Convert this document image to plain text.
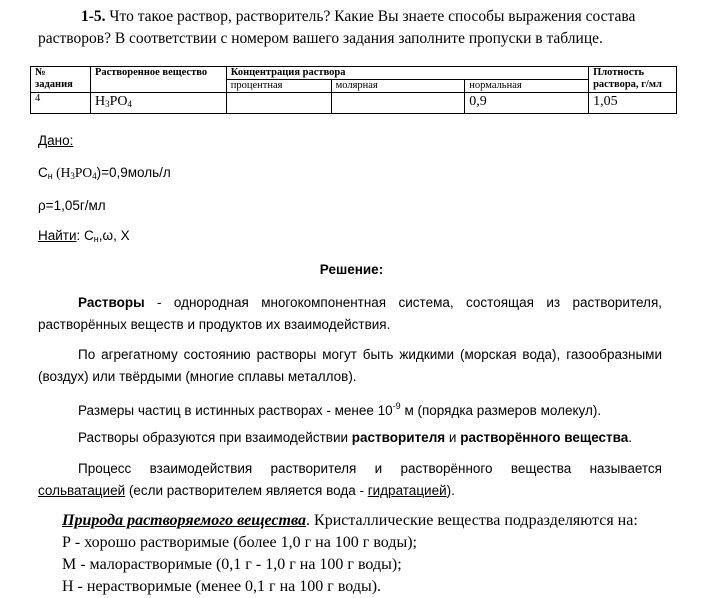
1-5. Что такое раствор, растворитель? Какие Вы знаете способы выражения состава растворов? В соответствии с номером вашего задания заполните пропуски в таблице.
№ задания	Растворенное вещество	Концентрация раствора			Плотность раствора, г/мл
		процентная	молярная	нормальная	
4	$H_3PO_4$			0,9	1,05
Дано:
$C_н$ $(H_3PO_4)=0,9моль/л$
ρ=1,05г/мл
Найти: $C_н,\omega$, X
Решение:
Растворы - однородная многокомпонентная система, состоящая из растворителя, растворённых веществ и продуктов их взаимодействия.
По агрегатному состоянию растворы могут быть жидкими (морская вода), газообразными (воздух) или твёрдыми (многие сплавы металлов).
Размеры частиц в истинных растворах - менее $10^{-9}$ м (порядка размеров молекул).
Растворы образуются при взаимодействии растворителя и растворённого вещества.
Процесс взаимодействия растворителя и растворённого вещества называется сольватацией (если растворителем является вода - гидратацией).
Природа растворяемого вещества. Кристаллические вещества подразделяются на:
Р - хорошо растворимые (более 1,0 г на 100 г воды);
М - малорастворимые (0,1 г - 1,0 г на 100 г воды);
Н - нерастворимые (менее 0,1 г на 100 г воды).
